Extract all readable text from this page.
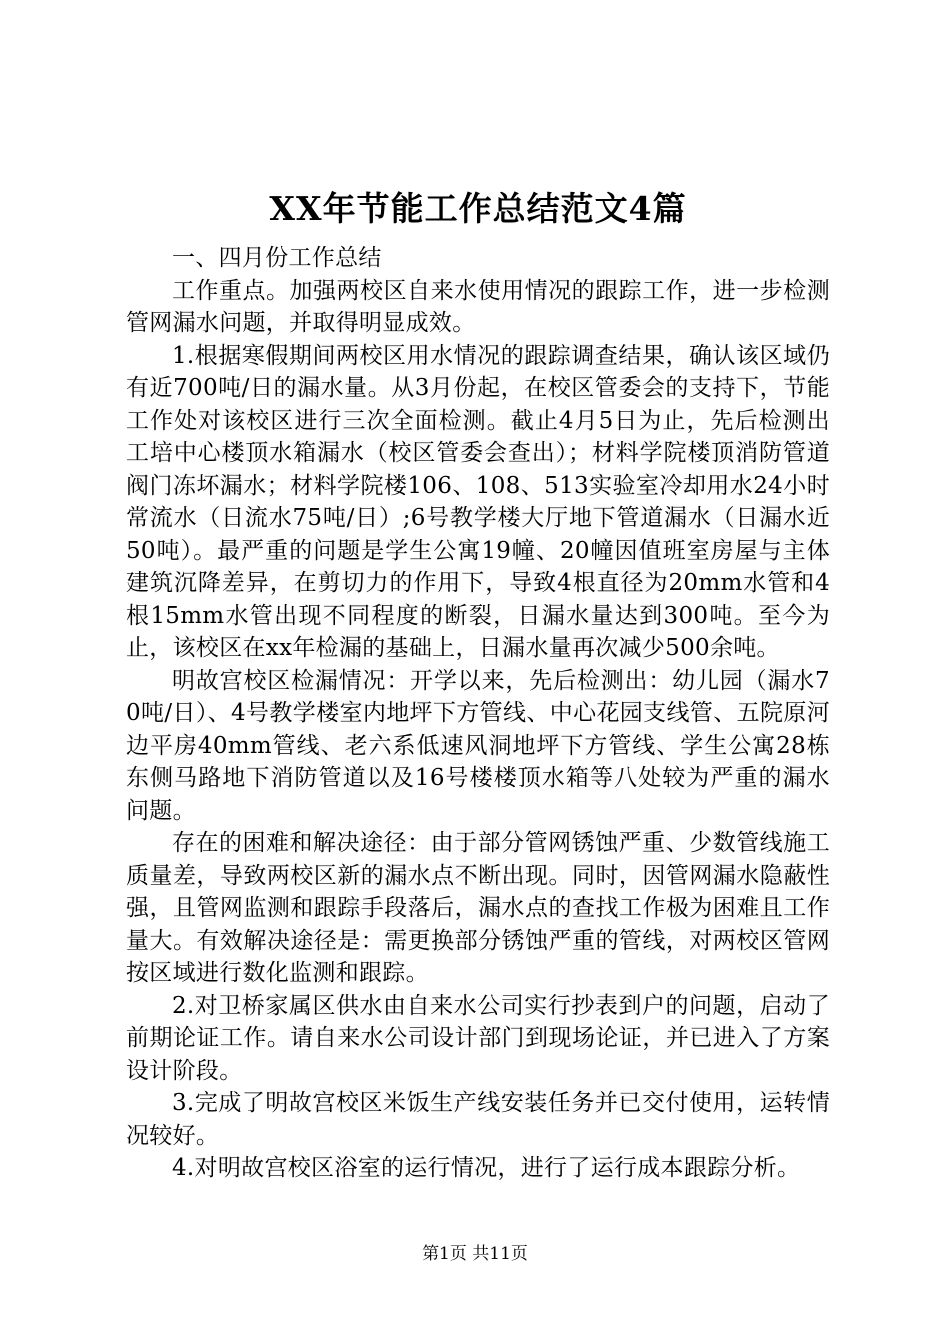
XX年节能工作总结范文4篇

一、四月份工作总结

工作重点。加强两校区自来水使用情况的跟踪工作，进一步检测管网漏水问题，并取得明显成效。

1.根据寒假期间两校区用水情况的跟踪调查结果，确认该区域仍有近700吨/日的漏水量。从3月份起，在校区管委会的支持下，节能工作处对该校区进行三次全面检测。截止4月5日为止，先后检测出工培中心楼顶水箱漏水（校区管委会查出）；材料学院楼顶消防管道阀门冻坏漏水；材料学院楼106、108、513实验室冷却用水24小时常流水（日流水75吨/日）;6号教学楼大厅地下管道漏水（日漏水近50吨）。最严重的问题是学生公寓19幢、20幢因值班室房屋与主体建筑沉降差异，在剪切力的作用下，导致4根直径为20mm水管和4根15mm水管出现不同程度的断裂，日漏水量达到300吨。至今为止，该校区在xx年检漏的基础上，日漏水量再次减少500余吨。

明故宫校区检漏情况：开学以来，先后检测出：幼儿园（漏水70吨/日）、4号教学楼室内地坪下方管线、中心花园支线管、五院原河边平房40mm管线、老六系低速风洞地坪下方管线、学生公寓28栋东侧马路地下消防管道以及16号楼楼顶水箱等八处较为严重的漏水问题。

存在的困难和解决途径：由于部分管网锈蚀严重、少数管线施工质量差，导致两校区新的漏水点不断出现。同时，因管网漏水隐蔽性强，且管网监测和跟踪手段落后，漏水点的查找工作极为困难且工作量大。有效解决途径是：需更换部分锈蚀严重的管线，对两校区管网按区域进行数化监测和跟踪。

2.对卫桥家属区供水由自来水公司实行抄表到户的问题，启动了前期论证工作。请自来水公司设计部门到现场论证，并已进入了方案设计阶段。

3.完成了明故宫校区米饭生产线安装任务并已交付使用，运转情况较好。

4.对明故宫校区浴室的运行情况，进行了运行成本跟踪分析。

第1页 共11页
